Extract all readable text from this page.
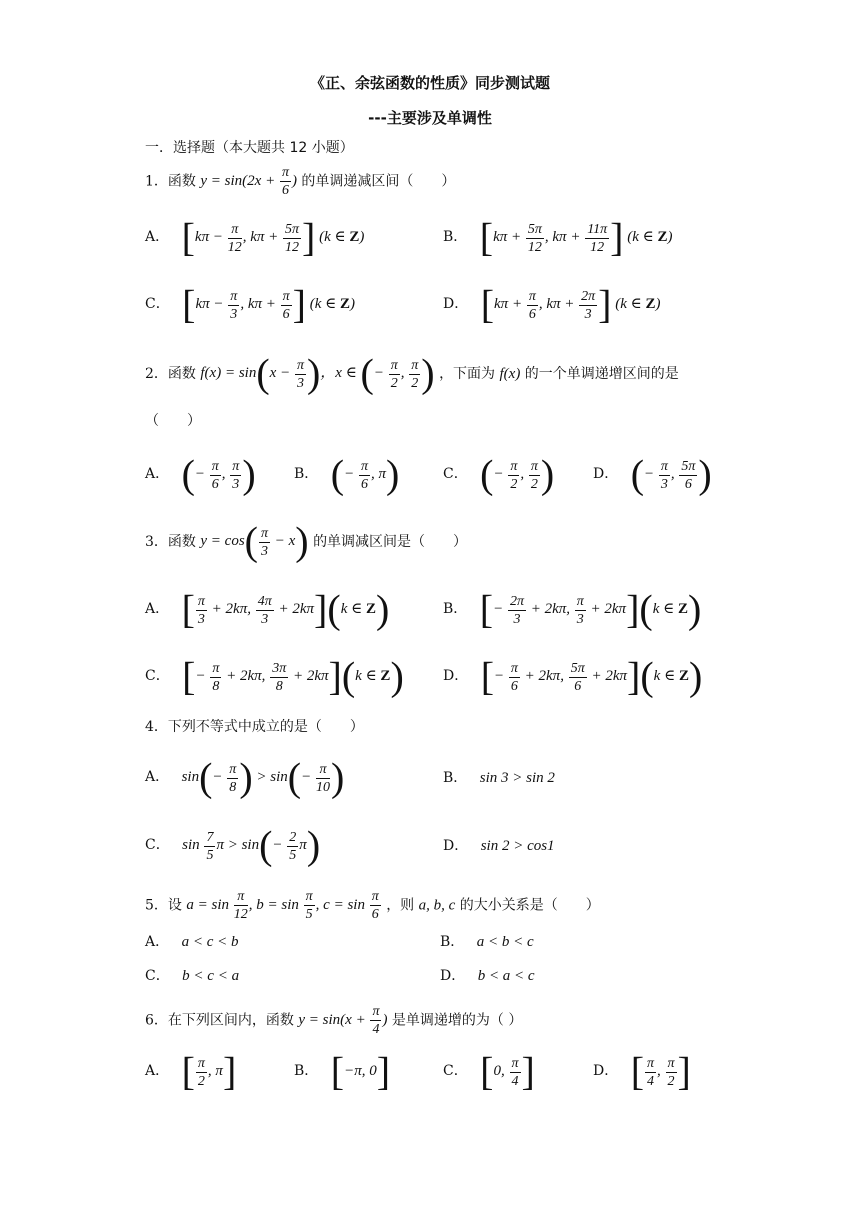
《正、余弦函数的性质》同步测试题
---主要涉及单调性
一．选择题（本大题共 12 小题）
1．函数 $y = \sin(2x + \frac{\pi}{6}$ ) 的单调递减区间（　　）
A． [$k\pi - \frac{\pi}{12}$ , $k\pi + \frac{5\pi}{12}$ ] (k ∈ Z)	B． [$k\pi + \frac{5\pi}{12}$ , $k\pi + \frac{11\pi}{12}$ ] (k ∈ Z)
C． [$k\pi - \frac{\pi}{3}$ , $k\pi + \frac{\pi}{6}$ ] (k ∈ Z)	D． [$k\pi + \frac{\pi}{6}$ , $k\pi + \frac{2\pi}{3}$ ] (k ∈ Z)
2．函数 $f(x) = \sin(x - \frac{\pi}{3}$ )，x ∈ (− $\frac{\pi}{2}$ , $\frac{\pi}{2}$ ) ，下面为 f(x) 的一个单调递增区间的是
（　　）
A． (− $\frac{\pi}{6}$ , $\frac{\pi}{3}$ )	B． (− $\frac{\pi}{6}$ , π)	C． (− $\frac{\pi}{2}$ , $\frac{\pi}{2}$ )	D． (− $\frac{\pi}{3}$ , $\frac{5\pi}{6}$ )
3．函数 $y = \cos( \frac{\pi}{3} - x)$ 的单调减区间是（　　）
A． [ $\frac{\pi}{3} + 2k\pi$, $\frac{4\pi}{3} + 2k\pi](k$ ∈ Z)	B． [− $\frac{2\pi}{3} + 2k\pi$, $\frac{\pi}{3} + 2k\pi](k$ ∈ Z)
C． [− $\frac{\pi}{8} + 2k\pi$, $\frac{3\pi}{8} + 2k\pi](k$ ∈ Z)	D． [− $\frac{\pi}{6} + 2k\pi$, $\frac{5\pi}{6} + 2k\pi](k$ ∈ Z)
4．下列不等式中成立的是（　　）
A． $\sin(- \frac{\pi}{8}$ ) > $\sin(- \frac{\pi}{10}$ )	B． sin 3 > sin 2
C． $\sin \frac{7}{5}$ $\pi > \sin(- \frac{2}{5} \pi)$	D． sin 2 > cos1
5．设 $a = \sin \frac{\pi}{12}$ , $b = \sin \frac{\pi}{5}$ , $c = \sin \frac{\pi}{6}$ ，则 a, b, c 的大小关系是（　　）
A． a < c < b	B． a < b < c
C． b < c < a	D． b < a < c
6．在下列区间内，函数 $y = \sin(x + \frac{\pi}{4}$ ) 是单调递增的为（ ）
A． [ $\frac{\pi}{2}$ , π]	B． [−π, 0]	C． [0, $\frac{\pi}{4}$ ]	D． [ $\frac{\pi}{4}$ , $\frac{\pi}{2}$ ]
